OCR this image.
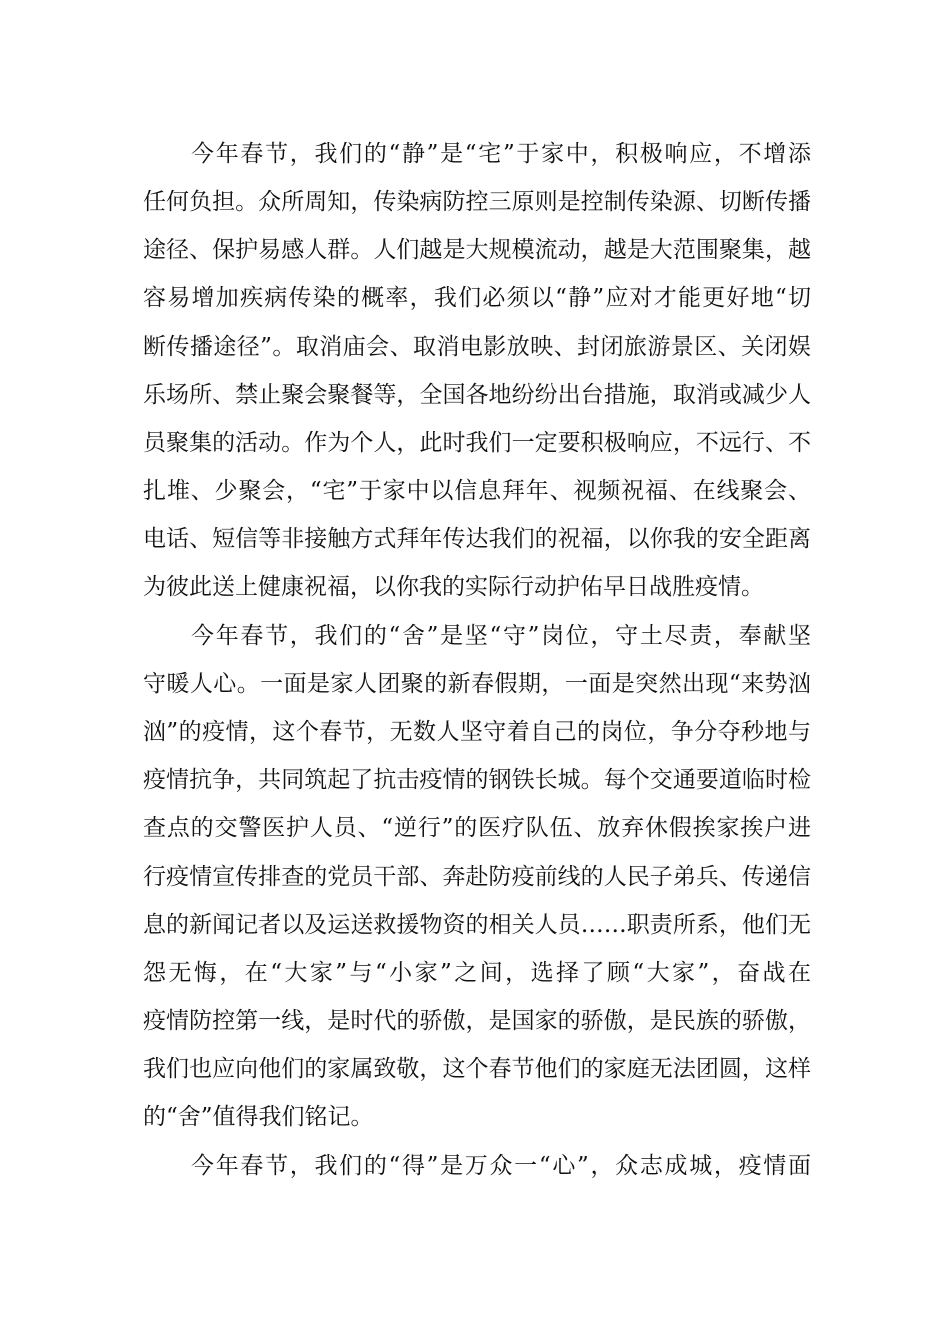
今年春节，我们的“静”是“宅”于家中，积极响应，不增添
任何负担。众所周知，传染病防控三原则是控制传染源、切断传播
途径、保护易感人群。人们越是大规模流动，越是大范围聚集，越
容易增加疾病传染的概率，我们必须以“静”应对才能更好地“切
断传播途径”。取消庙会、取消电影放映、封闭旅游景区、关闭娱
乐场所、禁止聚会聚餐等，全国各地纷纷出台措施，取消或减少人
员聚集的活动。作为个人，此时我们一定要积极响应，不远行、不
扎堆、少聚会，“宅”于家中以信息拜年、视频祝福、在线聚会、
电话、短信等非接触方式拜年传达我们的祝福，以你我的安全距离
为彼此送上健康祝福，以你我的实际行动护佑早日战胜疫情。
今年春节，我们的“舍”是坚“守”岗位，守土尽责，奉献坚
守暖人心。一面是家人团聚的新春假期，一面是突然出现“来势汹
汹”的疫情，这个春节，无数人坚守着自己的岗位，争分夺秒地与
疫情抗争，共同筑起了抗击疫情的钢铁长城。每个交通要道临时检
查点的交警医护人员、“逆行”的医疗队伍、放弃休假挨家挨户进
行疫情宣传排查的党员干部、奔赴防疫前线的人民子弟兵、传递信
息的新闻记者以及运送救援物资的相关人员……职责所系，他们无
怨无悔，在“大家”与“小家”之间，选择了顾“大家”，奋战在
疫情防控第一线，是时代的骄傲，是国家的骄傲，是民族的骄傲，
我们也应向他们的家属致敬，这个春节他们的家庭无法团圆，这样
的“舍”值得我们铭记。
今年春节，我们的“得”是万众一“心”，众志成城，疫情面
